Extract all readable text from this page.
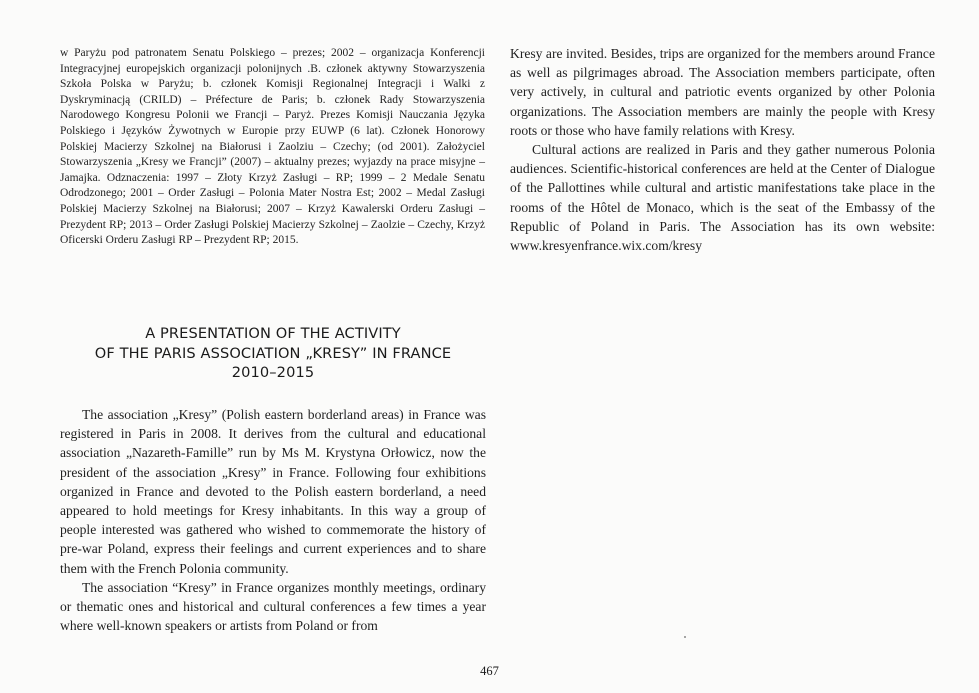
w Paryżu pod patronatem Senatu Polskiego – prezes; 2002 – organizacja Konferencji Integracyjnej europejskich organizacji polonijnych .B. członek aktywny Stowarzyszenia Szkoła Polska w Paryżu; b. członek Komisji Regionalnej Integracji i Walki z Dyskryminacją (CRILD) – Préfecture de Paris; b. członek Rady Stowarzyszenia Narodowego Kongresu Polonii we Francji – Paryż. Prezes Komisji Nauczania Języka Polskiego i Języków Żywotnych w Europie przy EUWP (6 lat). Członek Honorowy Polskiej Macierzy Szkolnej na Białorusi i Zaolziu – Czechy; (od 2001). Założyciel Stowarzyszenia „Kresy we Francji” (2007) – aktualny prezes; wyjazdy na prace misyjne – Jamajka. Odznaczenia: 1997 – Złoty Krzyż Zasługi – RP; 1999 – 2 Medale Senatu Odrodzonego; 2001 – Order Zasługi – Polonia Mater Nostra Est; 2002 – Medal Zasługi Polskiej Macierzy Szkolnej na Białorusi; 2007 – Krzyż Kawalerski Orderu Zasługi – Prezydent RP; 2013 – Order Zasługi Polskiej Macierzy Szkolnej – Zaolzie – Czechy, Krzyż Oficerski Orderu Zasługi RP – Prezydent RP; 2015.

A PRESENTATION OF THE ACTIVITY
OF THE PARIS ASSOCIATION „KRESY” IN FRANCE
2010–2015

The association „Kresy” (Polish eastern borderland areas) in France was registered in Paris in 2008. It derives from the cultural and educational association „Nazareth-Famille” run by Ms M. Krystyna Orłowicz, now the president of the association „Kresy” in France. Following four exhibitions organized in France and devoted to the Polish eastern borderland, a need appeared to hold meetings for Kresy inhabitants. In this way a group of people interested was gathered who wished to commemorate the history of pre-war Poland, express their feelings and current experiences and to share them with the French Polonia community.

The association “Kresy” in France organizes monthly meetings, ordinary or thematic ones and historical and cultural conferences a few times a year where well-known speakers or artists from Poland or from

Kresy are invited. Besides, trips are organized for the members around France as well as pilgrimages abroad. The Association members participate, often very actively, in cultural and patriotic events organized by other Polonia organizations. The Association members are mainly the people with Kresy roots or those who have family relations with Kresy.

Cultural actions are realized in Paris and they gather numerous Polonia audiences. Scientific-historical conferences are held at the Center of Dialogue of the Pallottines while cultural and artistic manifestations take place in the rooms of the Hôtel de Monaco, which is the seat of the Embassy of the Republic of Poland in Paris. The Association has its own website: www.kresyenfrance.wix.com/kresy

467
